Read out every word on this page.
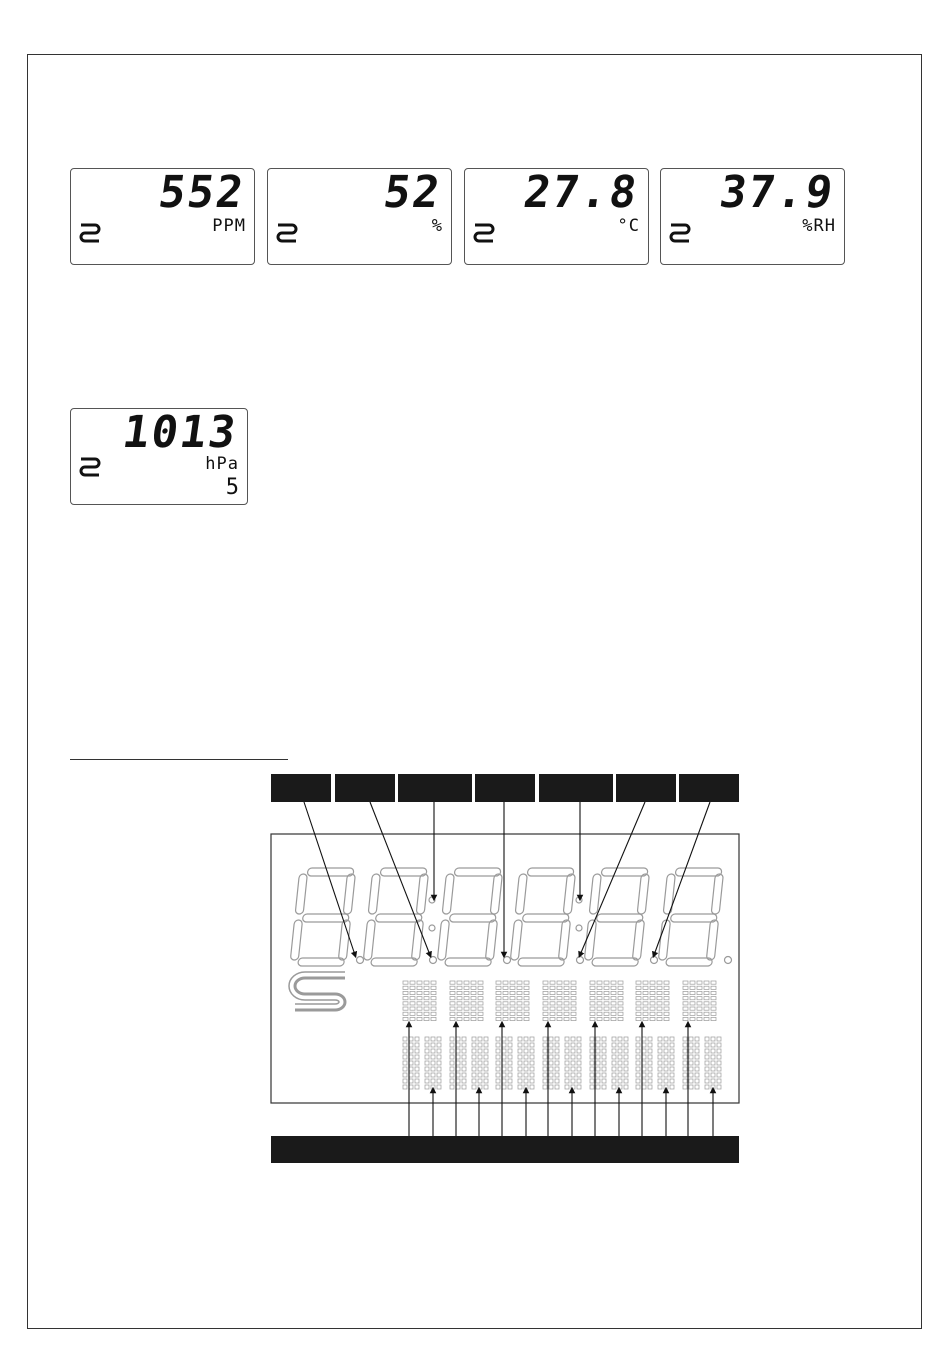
552
PPM
52
%
27.8
°C
37.9
%RH
1013
hPa
5
